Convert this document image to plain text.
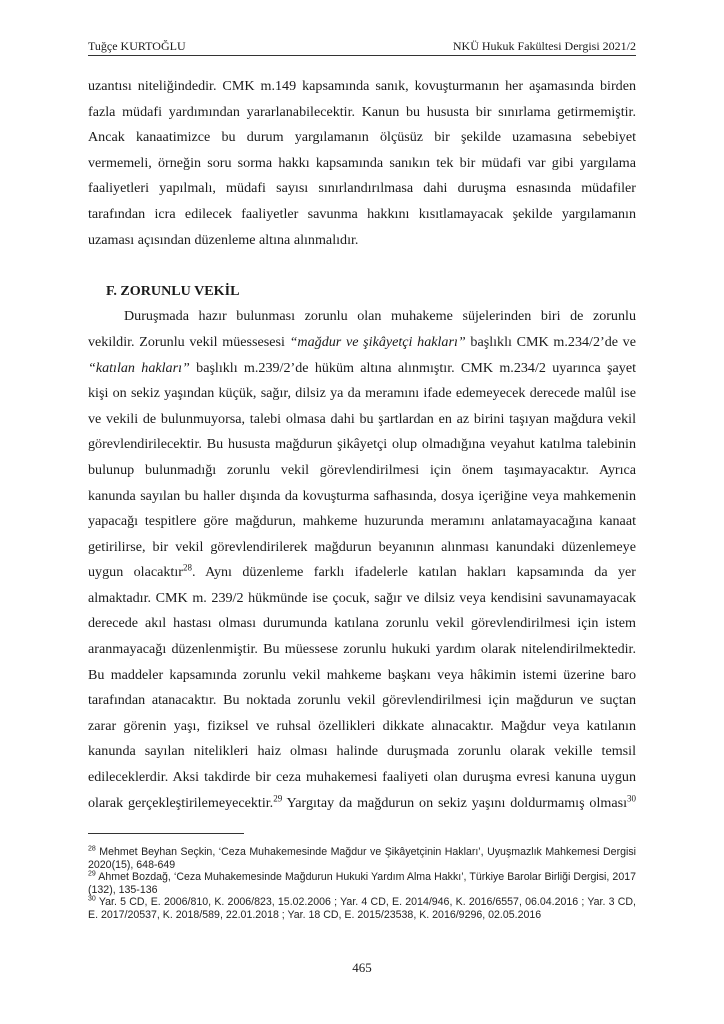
Tuğçe KURTOĞLU	NKÜ Hukuk Fakültesi Dergisi 2021/2

uzantısı niteliğindedir. CMK m.149 kapsamında sanık, kovuşturmanın her aşamasında birden

fazla müdafi yardımından yararlanabilecektir. Kanun bu hususta bir sınırlama getirmemiştir.

Ancak kanaatimizce bu durum yargılamanın ölçüsüz bir şekilde uzamasına sebebiyet

vermemeli, örneğin soru sorma hakkı kapsamında sanıkın tek bir müdafi var gibi yargılama

faaliyetleri yapılmalı, müdafi sayısı sınırlandırılmasa dahi duruşma esnasında müdafiler

tarafından icra edilecek faaliyetler savunma hakkını kısıtlamayacak şekilde yargılamanın

uzaması açısından düzenleme altına alınmalıdır.

F. ZORUNLU VEKİL

Duruşmada hazır bulunması zorunlu olan muhakeme süjelerinden biri de zorunlu

vekildir. Zorunlu vekil müessesesi “mağdur ve şikâyetçi hakları” başlıklı CMK m.234/2’de ve

“katılan hakları” başlıklı m.239/2’de hüküm altına alınmıştır. CMK m.234/2 uyarınca şayet

kişi on sekiz yaşından küçük, sağır, dilsiz ya da meramını ifade edemeyecek derecede malûl ise

ve vekili de bulunmuyorsa, talebi olmasa dahi bu şartlardan en az birini taşıyan mağdura vekil

görevlendirilecektir. Bu hususta mağdurun şikâyetçi olup olmadığına veyahut katılma talebinin

bulunup bulunmadığı zorunlu vekil görevlendirilmesi için önem taşımayacaktır. Ayrıca

kanunda sayılan bu haller dışında da kovuşturma safhasında, dosya içeriğine veya mahkemenin

yapacağı tespitlere göre mağdurun, mahkeme huzurunda meramını anlatamayacağına kanaat

getirilirse, bir vekil görevlendirilerek mağdurun beyanının alınması kanundaki düzenlemeye

uygun olacaktır$^{28}$. Aynı düzenleme farklı ifadelerle katılan hakları kapsamında da yer

almaktadır. CMK m. 239/2 hükmünde ise çocuk, sağır ve dilsiz veya kendisini savunamayacak

derecede akıl hastası olması durumunda katılana zorunlu vekil görevlendirilmesi için istem

aranmayacağı düzenlenmiştir. Bu müessese zorunlu hukuki yardım olarak nitelendirilmektedir.

Bu maddeler kapsamında zorunlu vekil mahkeme başkanı veya hâkimin istemi üzerine baro

tarafından atanacaktır. Bu noktada zorunlu vekil görevlendirilmesi için mağdurun ve suçtan

zarar görenin yaşı, fiziksel ve ruhsal özellikleri dikkate alınacaktır. Mağdur veya katılanın

kanunda sayılan nitelikleri haiz olması halinde duruşmada zorunlu olarak vekille temsil

edileceklerdir. Aksi takdirde bir ceza muhakemesi faaliyeti olan duruşma evresi kanuna uygun

olarak gerçekleştirilemeyecektir.$^{29}$ Yargıtay da mağdurun on sekiz yaşını doldurmamış olması$^{30}$

$^{28}$ Mehmet Beyhan Seçkin, ‘Ceza Muhakemesinde Mağdur ve Şikâyetçinin Hakları’, Uyuşmazlık Mahkemesi Dergisi 2020(15), 648-649

$^{29}$ Ahmet Bozdağ, ‘Ceza Muhakemesinde Mağdurun Hukuki Yardım Alma Hakkı’, Türkiye Barolar Birliği Dergisi, 2017 (132), 135-136

$^{30}$ Yar. 5 CD, E. 2006/810, K. 2006/823, 15.02.2006 ; Yar. 4 CD, E. 2014/946, K. 2016/6557, 06.04.2016 ; Yar. 3 CD, E. 2017/20537, K. 2018/589, 22.01.2018 ; Yar. 18 CD, E. 2015/23538, K. 2016/9296, 02.05.2016

465
